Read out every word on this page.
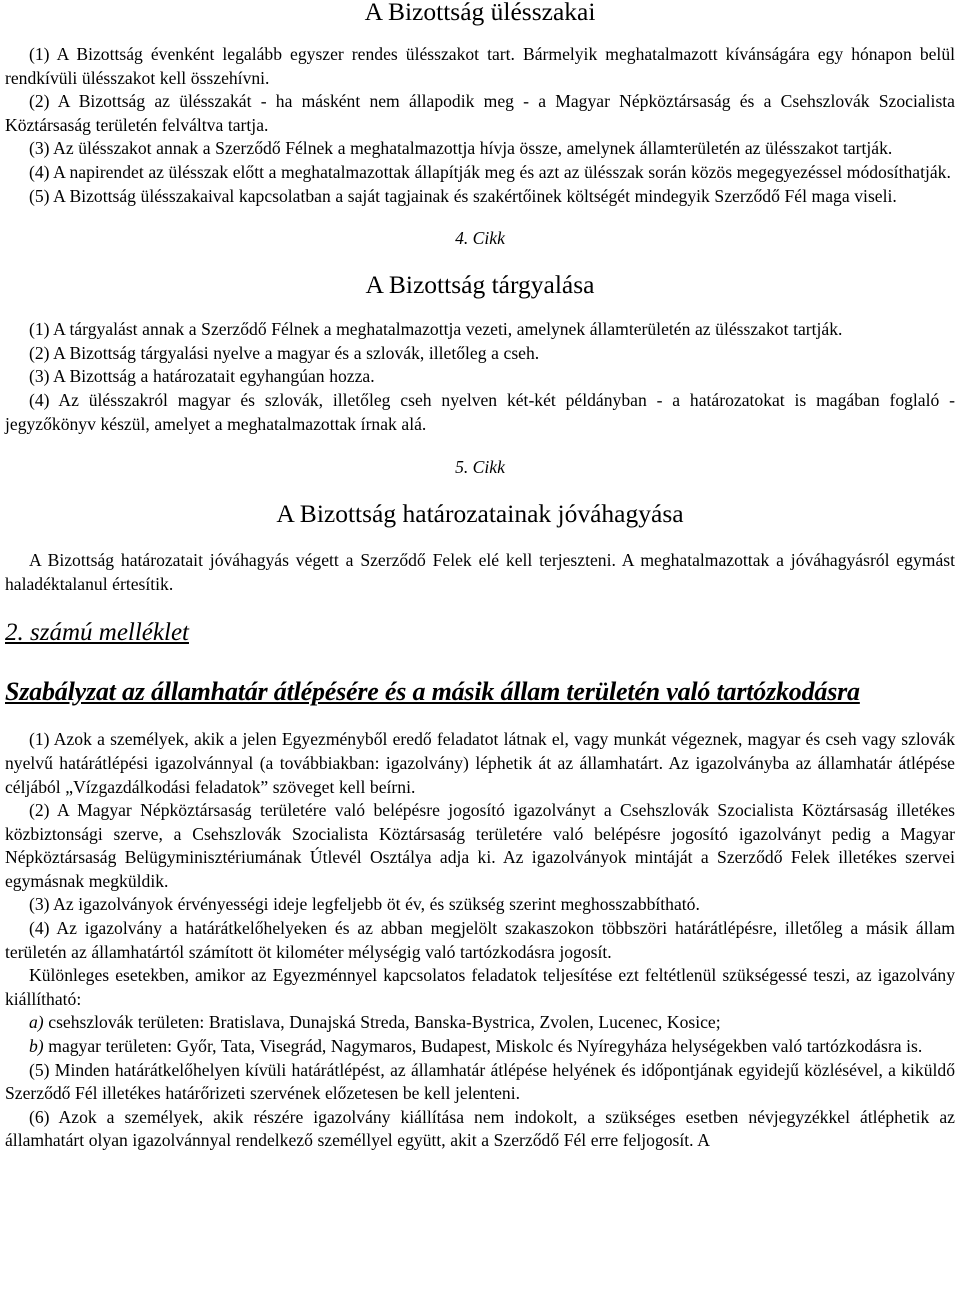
A Bizottság ülésszakai

(1) A Bizottság évenként legalább egyszer rendes ülésszakot tart. Bármelyik meghatalmazott kívánságára egy hónapon belül rendkívüli ülésszakot kell összehívni.

(2) A Bizottság az ülésszakát - ha másként nem állapodik meg - a Magyar Népköztársaság és a Csehszlovák Szocialista Köztársaság területén felváltva tartja.

(3) Az ülésszakot annak a Szerződő Félnek a meghatalmazottja hívja össze, amelynek államterületén az ülésszakot tartják.

(4) A napirendet az ülésszak előtt a meghatalmazottak állapítják meg és azt az ülésszak során közös megegyezéssel módosíthatják.

(5) A Bizottság ülésszakaival kapcsolatban a saját tagjainak és szakértőinek költségét mindegyik Szerződő Fél maga viseli.

4. Cikk

A Bizottság tárgyalása

(1) A tárgyalást annak a Szerződő Félnek a meghatalmazottja vezeti, amelynek államterületén az ülésszakot tartják.

(2) A Bizottság tárgyalási nyelve a magyar és a szlovák, illetőleg a cseh.

(3) A Bizottság a határozatait egyhangúan hozza.

(4) Az ülésszakról magyar és szlovák, illetőleg cseh nyelven két-két példányban - a határozatokat is magában foglaló - jegyzőkönyv készül, amelyet a meghatalmazottak írnak alá.

5. Cikk

A Bizottság határozatainak jóváhagyása

A Bizottság határozatait jóváhagyás végett a Szerződő Felek elé kell terjeszteni. A meghatalmazottak a jóváhagyásról egymást haladéktalanul értesítik.

2. számú melléklet
Szabályzat az államhatár átlépésére és a másik állam területén való tartózkodásra

(1) Azok a személyek, akik a jelen Egyezményből eredő feladatot látnak el, vagy munkát végeznek, magyar és cseh vagy szlovák nyelvű határátlépési igazolvánnyal (a továbbiakban: igazolvány) léphetik át az államhatárt. Az igazolványba az államhatár átlépése céljából „Vízgazdálkodási feladatok” szöveget kell beírni.

(2) A Magyar Népköztársaság területére való belépésre jogosító igazolványt a Csehszlovák Szocialista Köztársaság illetékes közbiztonsági szerve, a Csehszlovák Szocialista Köztársaság területére való belépésre jogosító igazolványt pedig a Magyar Népköztársaság Belügyminisztériumának Útlevél Osztálya adja ki. Az igazolványok mintáját a Szerződő Felek illetékes szervei egymásnak megküldik.

(3) Az igazolványok érvényességi ideje legfeljebb öt év, és szükség szerint meghosszabbítható.

(4) Az igazolvány a határátkelőhelyeken és az abban megjelölt szakaszokon többszöri határátlépésre, illetőleg a másik állam területén az államhatártól számított öt kilométer mélységig való tartózkodásra jogosít.

Különleges esetekben, amikor az Egyezménnyel kapcsolatos feladatok teljesítése ezt feltétlenül szükségessé teszi, az igazolvány kiállítható:

a) csehszlovák területen: Bratislava, Dunajská Streda, Banska-Bystrica, Zvolen, Lucenec, Kosice;

b) magyar területen: Győr, Tata, Visegrád, Nagymaros, Budapest, Miskolc és Nyíregyháza helységekben való tartózkodásra is.

(5) Minden határátkelőhelyen kívüli határátlépést, az államhatár átlépése helyének és időpontjának egyidejű közlésével, a kiküldő Szerződő Fél illetékes határőrizeti szervének előzetesen be kell jelenteni.

(6) Azok a személyek, akik részére igazolvány kiállítása nem indokolt, a szükséges esetben névjegyzékkel átléphetik az államhatárt olyan igazolvánnyal rendelkező személlyel együtt, akit a Szerződő Fél erre feljogosít. A
